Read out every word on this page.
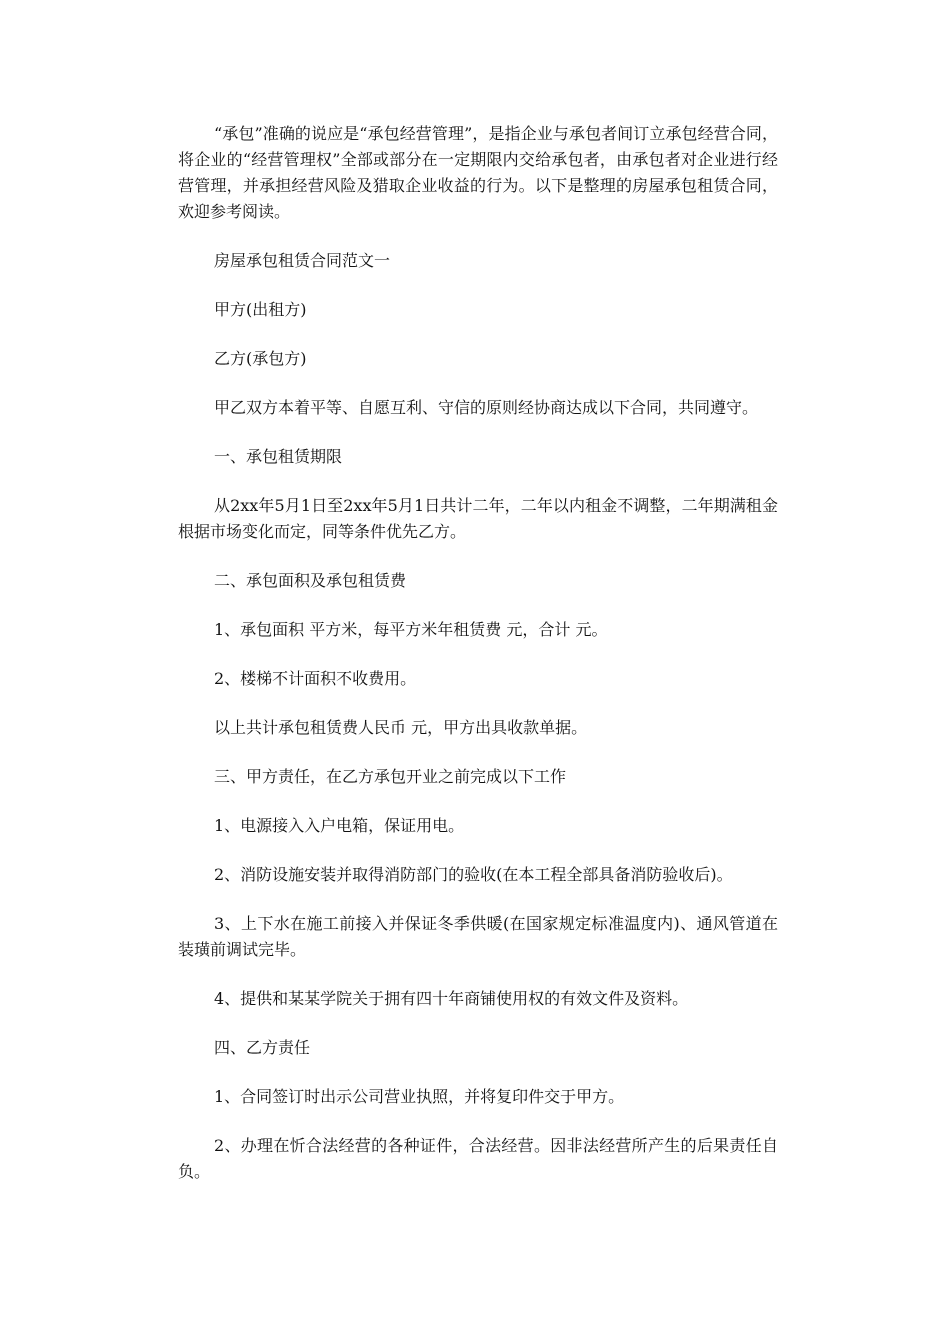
“承包”准确的说应是“承包经营管理”，是指企业与承包者间订立承包经营合同，将企业的“经营管理权”全部或部分在一定期限内交给承包者，由承包者对企业进行经营管理，并承担经营风险及猎取企业收益的行为。以下是整理的房屋承包租赁合同，欢迎参考阅读。

房屋承包租赁合同范文一

甲方(出租方)

乙方(承包方)

甲乙双方本着平等、自愿互利、守信的原则经协商达成以下合同，共同遵守。

一、承包租赁期限

从2xx年5月1日至2xx年5月1日共计二年，二年以内租金不调整，二年期满租金根据市场变化而定，同等条件优先乙方。

二、承包面积及承包租赁费

1、承包面积 平方米，每平方米年租赁费 元，合计 元。

2、楼梯不计面积不收费用。

以上共计承包租赁费人民币 元，甲方出具收款单据。

三、甲方责任，在乙方承包开业之前完成以下工作

1、电源接入入户电箱，保证用电。

2、消防设施安装并取得消防部门的验收(在本工程全部具备消防验收后)。

3、上下水在施工前接入并保证冬季供暖(在国家规定标准温度内)、通风管道在装璜前调试完毕。

4、提供和某某学院关于拥有四十年商铺使用权的有效文件及资料。

四、乙方责任

1、合同签订时出示公司营业执照，并将复印件交于甲方。

2、办理在忻合法经营的各种证件，合法经营。因非法经营所产生的后果责任自负。
